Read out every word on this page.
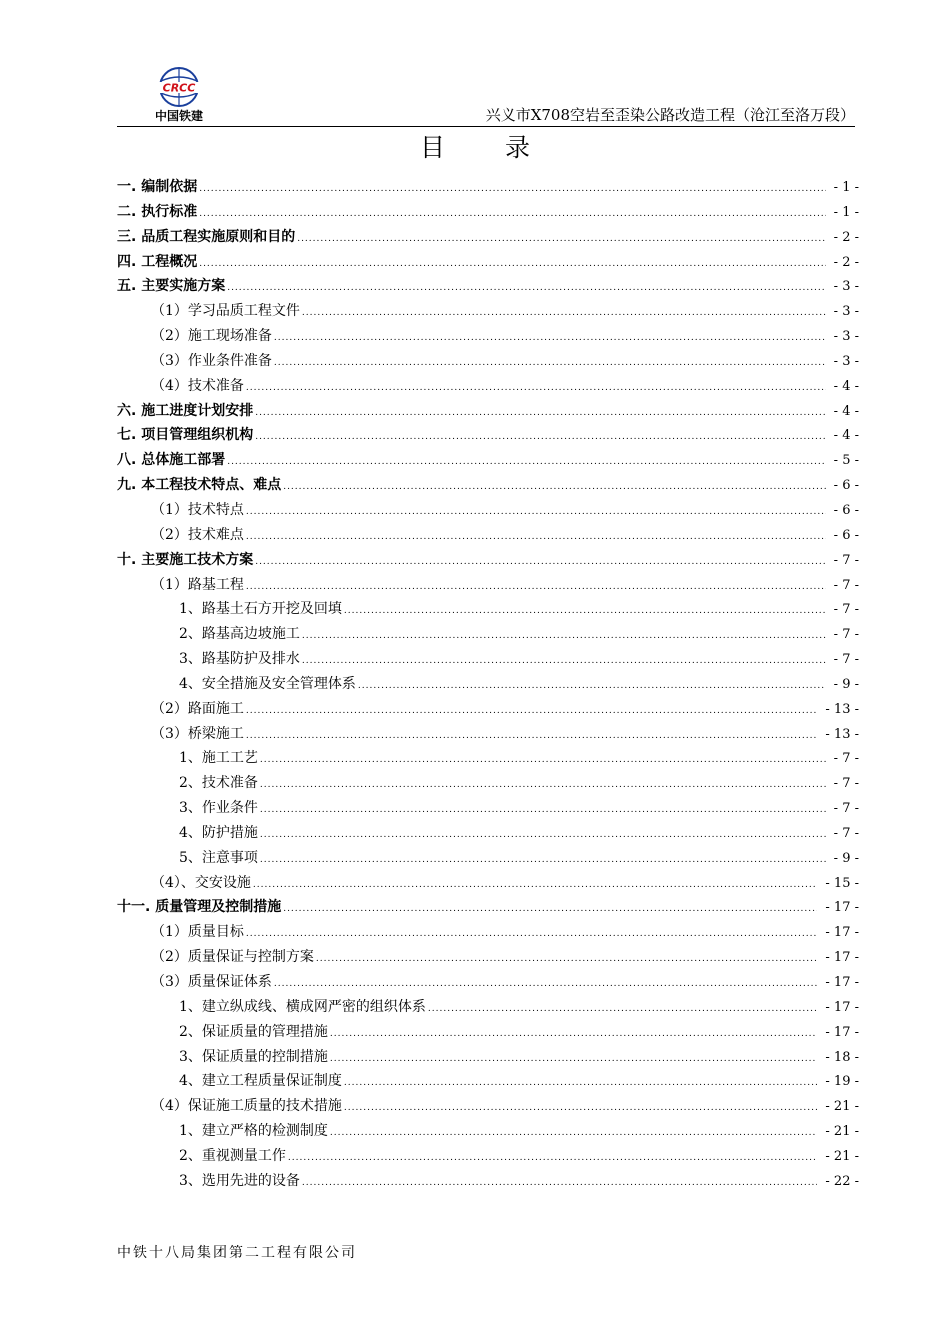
CRCC
中国铁建	兴义市X708空岩至歪染公路改造工程（沧江至洛万段）
目 录
一. 编制依据 .....	- 1 -
二. 执行标准 .....	- 1 -
三. 品质工程实施原则和目的 .....	- 2 -
四. 工程概况 .....	- 2 -
五. 主要实施方案 .....	- 3 -
（1）学习品质工程文件 .....	- 3 -
（2）施工现场准备 .....	- 3 -
（3）作业条件准备 .....	- 3 -
（4）技术准备 .....	- 4 -
六. 施工进度计划安排 .....	- 4 -
七. 项目管理组织机构 .....	- 4 -
八. 总体施工部署 .....	- 5 -
九. 本工程技术特点、难点 .....	- 6 -
（1）技术特点 .....	- 6 -
（2）技术难点 .....	- 6 -
十. 主要施工技术方案 .....	- 7 -
（1）路基工程 .....	- 7 -
1、路基土石方开挖及回填 .....	- 7 -
2、路基高边坡施工 .....	- 7 -
3、路基防护及排水 .....	- 7 -
4、安全措施及安全管理体系 .....	- 9 -
（2）路面施工 .....	- 13 -
（3）桥梁施工 .....	- 13 -
1、施工工艺 .....	- 7 -
2、技术准备 .....	- 7 -
3、作业条件 .....	- 7 -
4、防护措施 .....	- 7 -
5、注意事项 .....	- 9 -
（4）、交安设施 .....	- 15 -
十一. 质量管理及控制措施 .....	- 17 -
（1）质量目标 .....	- 17 -
（2）质量保证与控制方案 .....	- 17 -
（3）质量保证体系 .....	- 17 -
1、建立纵成线、横成网严密的组织体系 .....	- 17 -
2、保证质量的管理措施 .....	- 17 -
3、保证质量的控制措施 .....	- 18 -
4、建立工程质量保证制度 .....	- 19 -
（4）保证施工质量的技术措施 .....	- 21 -
1、建立严格的检测制度 .....	- 21 -
2、重视测量工作 .....	- 21 -
3、选用先进的设备 .....	- 22 -
中铁十八局集团第二工程有限公司
